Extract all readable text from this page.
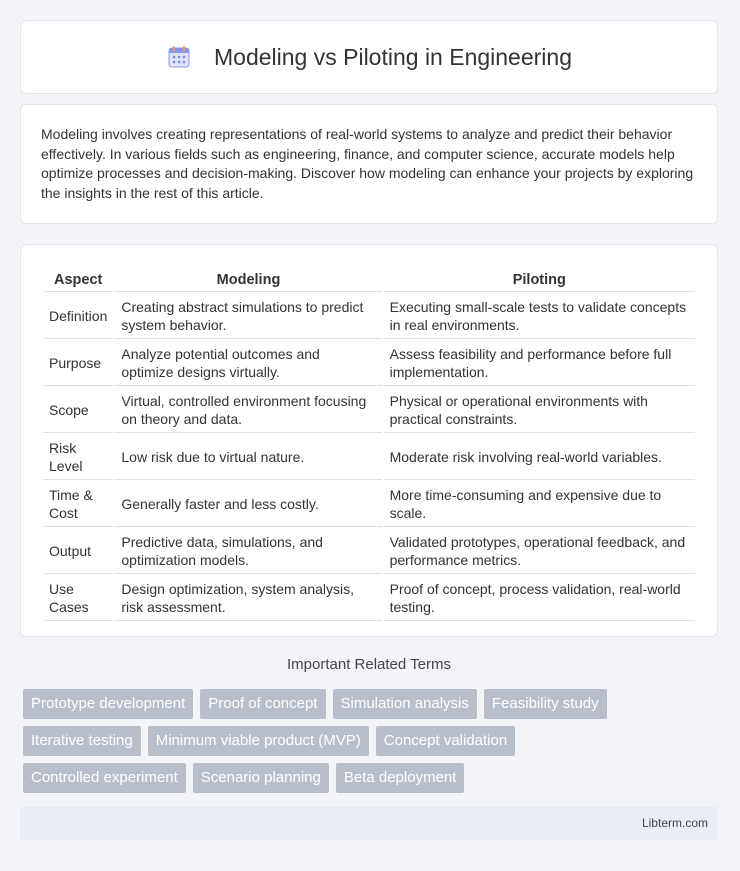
Modeling vs Piloting in Engineering

Modeling involves creating representations of real-world systems to analyze and predict their behavior effectively. In various fields such as engineering, finance, and computer science, accurate models help optimize processes and decision-making. Discover how modeling can enhance your projects by exploring the insights in the rest of this article.

Aspect	Modeling	Piloting
Definition	Creating abstract simulations to predict system behavior.	Executing small-scale tests to validate concepts in real environments.
Purpose	Analyze potential outcomes and optimize designs virtually.	Assess feasibility and performance before full implementation.
Scope	Virtual, controlled environment focusing on theory and data.	Physical or operational environments with practical constraints.
Risk Level	Low risk due to virtual nature.	Moderate risk involving real-world variables.
Time & Cost	Generally faster and less costly.	More time-consuming and expensive due to scale.
Output	Predictive data, simulations, and optimization models.	Validated prototypes, operational feedback, and performance metrics.
Use Cases	Design optimization, system analysis, risk assessment.	Proof of concept, process validation, real-world testing.
Important Related Terms
Prototype development	Proof of concept	Simulation analysis	Feasibility study
Iterative testing	Minimum viable product (MVP)	Concept validation
Controlled experiment	Scenario planning	Beta deployment
Libterm.com
